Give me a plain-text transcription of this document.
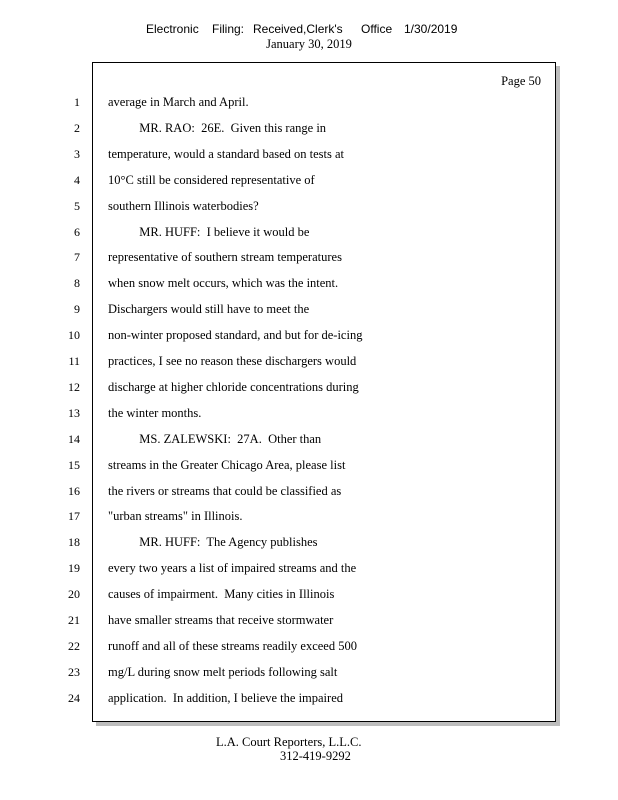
Electronic Filing: Received,Clerk's Office 1/30/2019
January 30, 2019
Page 50
1 average in March and April.
2 MR. RAO:  26E.  Given this range in
3 temperature, would a standard based on tests at
4 10°C still be considered representative of
5 southern Illinois waterbodies?
6 MR. HUFF:  I believe it would be
7 representative of southern stream temperatures
8 when snow melt occurs, which was the intent.
9 Dischargers would still have to meet the
10 non-winter proposed standard, and but for de-icing
11 practices, I see no reason these dischargers would
12 discharge at higher chloride concentrations during
13 the winter months.
14 MS. ZALEWSKI:  27A.  Other than
15 streams in the Greater Chicago Area, please list
16 the rivers or streams that could be classified as
17 "urban streams" in Illinois.
18 MR. HUFF:  The Agency publishes
19 every two years a list of impaired streams and the
20 causes of impairment.  Many cities in Illinois
21 have smaller streams that receive stormwater
22 runoff and all of these streams readily exceed 500
23 mg/L during snow melt periods following salt
24 application.  In addition, I believe the impaired
L.A. Court Reporters, L.L.C.
312-419-9292
